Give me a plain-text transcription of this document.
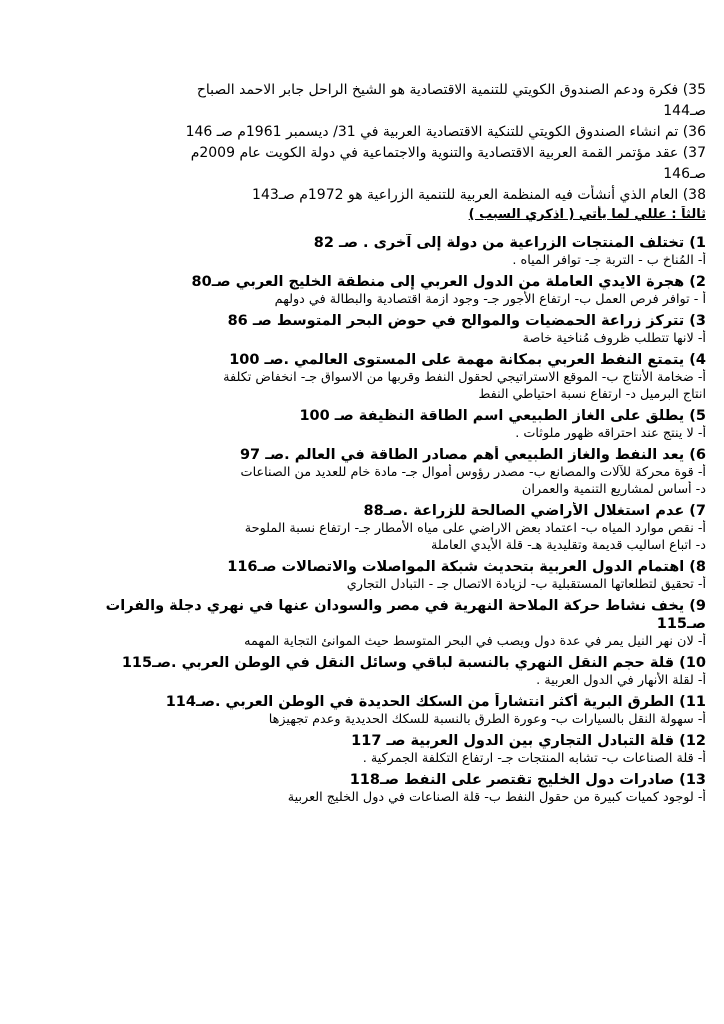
35) فكرة ودعم الصندوق الكويتي للتنمية الاقتصادية هو الشيخ الراحل جابر الاحمد الصباح
صـ144
36) تم انشاء الصندوق الكويتي للتنكية الاقتصادية العربية في 31/ ديسمبر 1961م صـ 146
37) عقد مؤتمر القمة العربية الاقتصادية والتنوية والاجتماعية في دولة الكويت عام 2009م
صـ146
38) العام الذي أنشأت فيه المنظمة العربية للتنمية الزراعية هو 1972م صـ143
ثالثاً : عللي لما يأتي ( اذكري السبب )
1) تختلف المنتجات الزراعية من دولة إلى آخرى . صـ 82
أ- المُناخ ب - التربة جـ- توافر المياه .
2) هجرة الايدي العاملة من الدول العربي إلى منطقة الخليج العربي صـ80
أ - توافر فرص العمل ب- ارتفاع الأجور جـ- وجود ازمة اقتصادية والبطالة في دولهم
3) تتركز زراعة الحمضيات والموالح في حوض البحر المتوسط صـ 86
أ- لانها تتطلب ظروف مُناخية خاصة
4) يتمتع النفط العربي بمكانة مهمة على المستوى العالمي .صـ 100
أ- ضخامة الأنتاج ب- الموقع الاستراتيجي لحقول النفط وقربها من الاسواق جـ- انخفاض تكلفة
انتاج البرميل د- ارتفاع نسبة احتياطي النفط
5) يطلق على الغاز الطبيعي اسم الطاقة النظيفة صـ 100
أ- لا ينتج عند احتراقه ظهور ملوثات .
6) يعد النفط والغاز الطبيعي أهم مصادر الطاقة في العالم .صـ 97
أ- قوة محركة للآلات والمصانع ب- مصدر رؤوس أموال جـ- مادة خام للعديد من الصناعات
د- أساس لمشاريع التنمية والعمران
7) عدم استغلال الأراضي الصالحة للزراعة .صـ88
أ- نقص موارد المياه ب- اعتماد بعض الاراضي على مياه الأمطار جـ- ارتفاع نسبة الملوحة
د- اتباع اساليب قديمة وتقليدية هـ- قلة الأيدي العاملة
8) اهتمام الدول العربية بتحديث شبكة المواصلات والاتصالات صـ116
أ- تحقيق لتطلعاتها المستقبلية ب- لزيادة الاتصال جـ - التبادل التجاري
9) يخف نشاط حركة الملاحة النهرية في مصر والسودان عنها في نهري دجلة والفرات
صـ115
أ- لان نهر النيل يمر في عدة دول ويصب في البحر المتوسط حيث الموانئ التجاية المهمه
10) قلة حجم النقل النهري بالنسبة لباقي وسائل النقل في الوطن العربي .صـ115
أ- لقلة الأنهار في الدول العربية .
11) الطرق البرية أكثر انتشاراً من السكك الحديدة في الوطن العربي .صـ114
أ- سهولة النقل بالسيارات ب- وعورة الطرق بالنسبة للسكك الحديدية وعدم تجهيزها
12) قلة التبادل التجاري بين الدول العربية صـ 117
أ- قلة الصناعات ب- تشابه المنتجات جـ- ارتفاع التكلفة الجمركية .
13) صادرات دول الخليج تقتصر على النفط صـ118
أ- لوجود كميات كبيرة من حقول النفط ب- قلة الصناعات في دول الخليج العربية
